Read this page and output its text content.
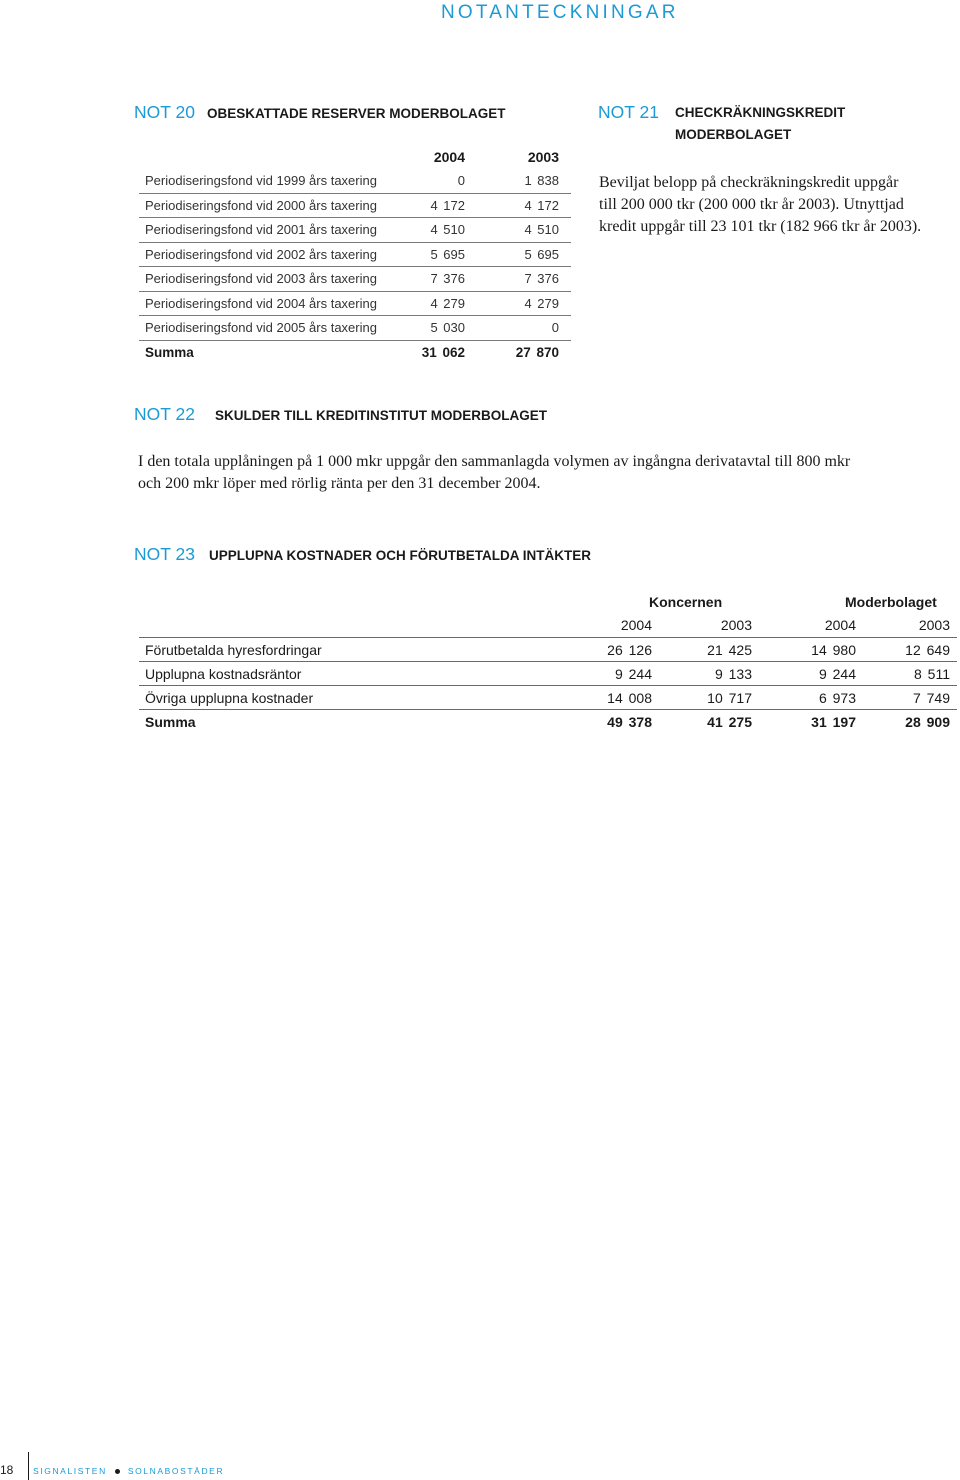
NOTANTECKNINGAR
NOT 20 OBESKATTADE RESERVER MODERBOLAGET
2004	2003
Periodiseringsfond vid 1999 års taxering	0	1 838
Periodiseringsfond vid 2000 års taxering	4 172	4 172
Periodiseringsfond vid 2001 års taxering	4 510	4 510
Periodiseringsfond vid 2002 års taxering	5 695	5 695
Periodiseringsfond vid 2003 års taxering	7 376	7 376
Periodiseringsfond vid 2004 års taxering	4 279	4 279
Periodiseringsfond vid 2005 års taxering	5 030	0
Summa	31 062	27 870
NOT 21 CHECKRÄKNINGSKREDIT
MODERBOLAGET
Beviljat belopp på checkräkningskredit uppgår
till 200 000 tkr (200 000 tkr år 2003). Utnyttjad
kredit uppgår till 23 101 tkr (182 966 tkr år 2003).
NOT 22 SKULDER TILL KREDITINSTITUT MODERBOLAGET
I den totala upplåningen på 1 000 mkr uppgår den sammanlagda volymen av ingångna derivatavtal till 800 mkr
och 200 mkr löper med rörlig ränta per den 31 december 2004.
NOT 23 UPPLUPNA KOSTNADER OCH FÖRUTBETALDA INTÄKTER
Koncernen	Moderbolaget
2004	2003	2004	2003
Förutbetalda hyresfordringar	26 126	21 425	14 980	12 649
Upplupna kostnadsräntor	9 244	9 133	9 244	8 511
Övriga upplupna kostnader	14 008	10 717	6 973	7 749
Summa	49 378	41 275	31 197	28 909
18 SIGNALISTEN SOLNABOSTÄDER
